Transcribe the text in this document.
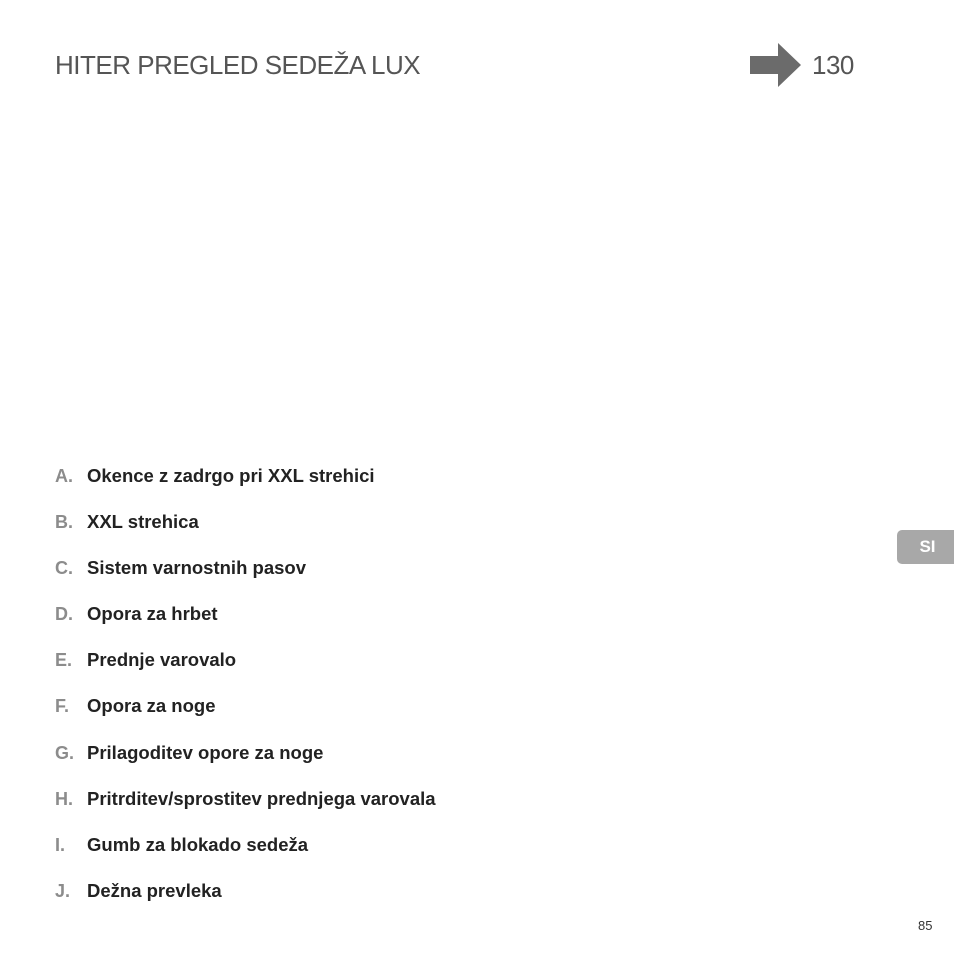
HITER PREGLED SEDEŽA LUX	130
SI
A. Okence z zadrgo pri XXL strehici
B. XXL strehica
C. Sistem varnostnih pasov
D. Opora za hrbet
E. Prednje varovalo
F. Opora za noge
G. Prilagoditev opore za noge
H. Pritrditev/sprostitev prednjega varovala
I.	Gumb za blokado sedeža
J. Dežna prevleka
85
